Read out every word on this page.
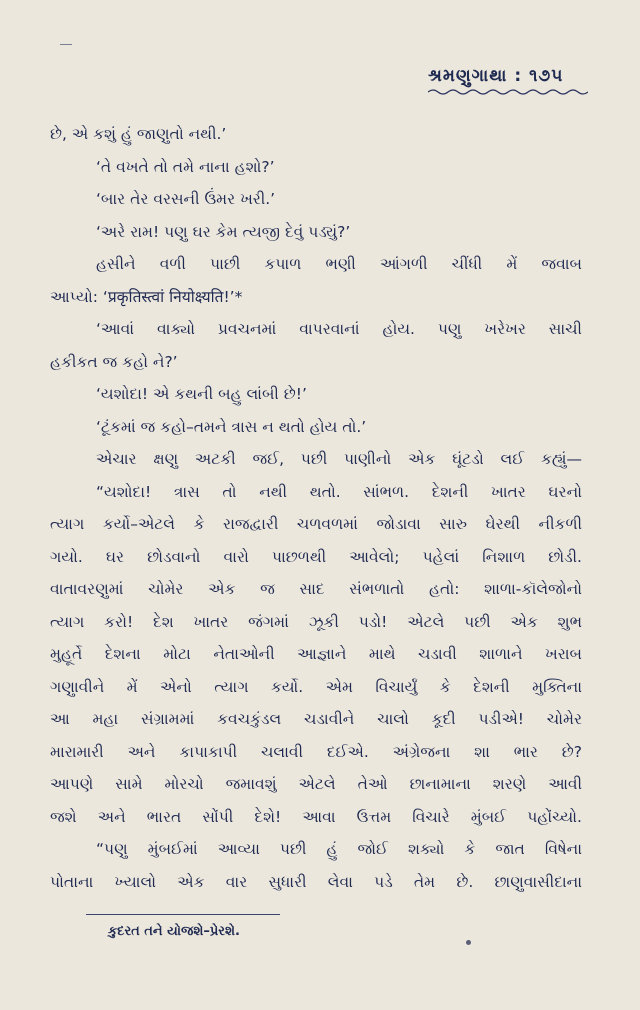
શ્રમણુગાથા : ૧૭૫
છે, એ કશું હું જાણુતો નથી.’
‘તે વખતે તો તમે નાના હશો?’
‘બાર તેર વરસની ઉંમર ખરી.’
‘અરે રામ! પણુ ઘર કેમ ત્યજી દેવું પડ્યું?’
હસીને વળી પાછી કપાળ ભણી આંગળી ચીંધી મેં જવાબ
આપ્યો: ‘प्रकृतिस्त्वां नियोक्ष्यति!’*
‘આવાં વાક્યો પ્રવચનમાં વાપરવાનાં હોય. પણુ ખરેખર સાચી
હકીકત જ કહો ને?’
‘યશોદા! એ કથની બહુ લાંબી છે!’
‘ટૂંકમાં જ કહો–તમને ત્રાસ ન થતો હોય તો.’
એચાર ક્ષણુ અટકી જઈ, પછી પાણીનો એક ઘૂંટડો લઈ કહ્યું—
“યશોદા! ત્રાસ તો નથી થતો. સાંભળ. દેશની ખાતર ઘરનો
ત્યાગ કર્યો–એટલે કે રાજદ્વારી ચળવળમાં જોડાવા સારુ ઘેરથી નીકળી
ગયો. ઘર છોડવાનો વારો પાછળથી આવેલો; પહેલાં નિશાળ છોડી.
વાતાવરણુમાં ચોમેર એક જ સાદ સંભળાતો હતો: શાળા-કૉલેજોનો
ત્યાગ કરો! દેશ ખાતર જંગમાં ઝૂકી પડો! એટલે પછી એક શુભ
મુહૂર્તે દેશના મોટા નેતાઓની આજ્ઞાને માથે ચડાવી શાળાને ખરાબ
ગણુાવીને મેં એનો ત્યાગ કર્યો. એમ વિચાર્યું કે દેશની મુક્તિના
આ મહા સંગ્રામમાં કવચકુંડલ ચડાવીને ચાલો કૂદી પડીએ! ચોમેર
મારામારી અને કાપાકાપી ચલાવી દઈએ. અંગ્રેજના શા ભાર છે?
આપણે સામે મોરચો જમાવશું એટલે તેઓ છાનામાના શરણે આવી
જશે અને ભારત સોંપી દેશે! આવા ઉત્તમ વિચારે મુંબઈ પહોંચ્યો.
“પણુ મુંબઈમાં આવ્યા પછી હું જોઈ શક્યો કે જાત વિષેના
પોતાના ખ્યાલો એક વાર સુધારી લેવા પડે તેમ છે. છાણુવાસીદાના
કુદરત તને યોજશે–પ્રેરશે.
